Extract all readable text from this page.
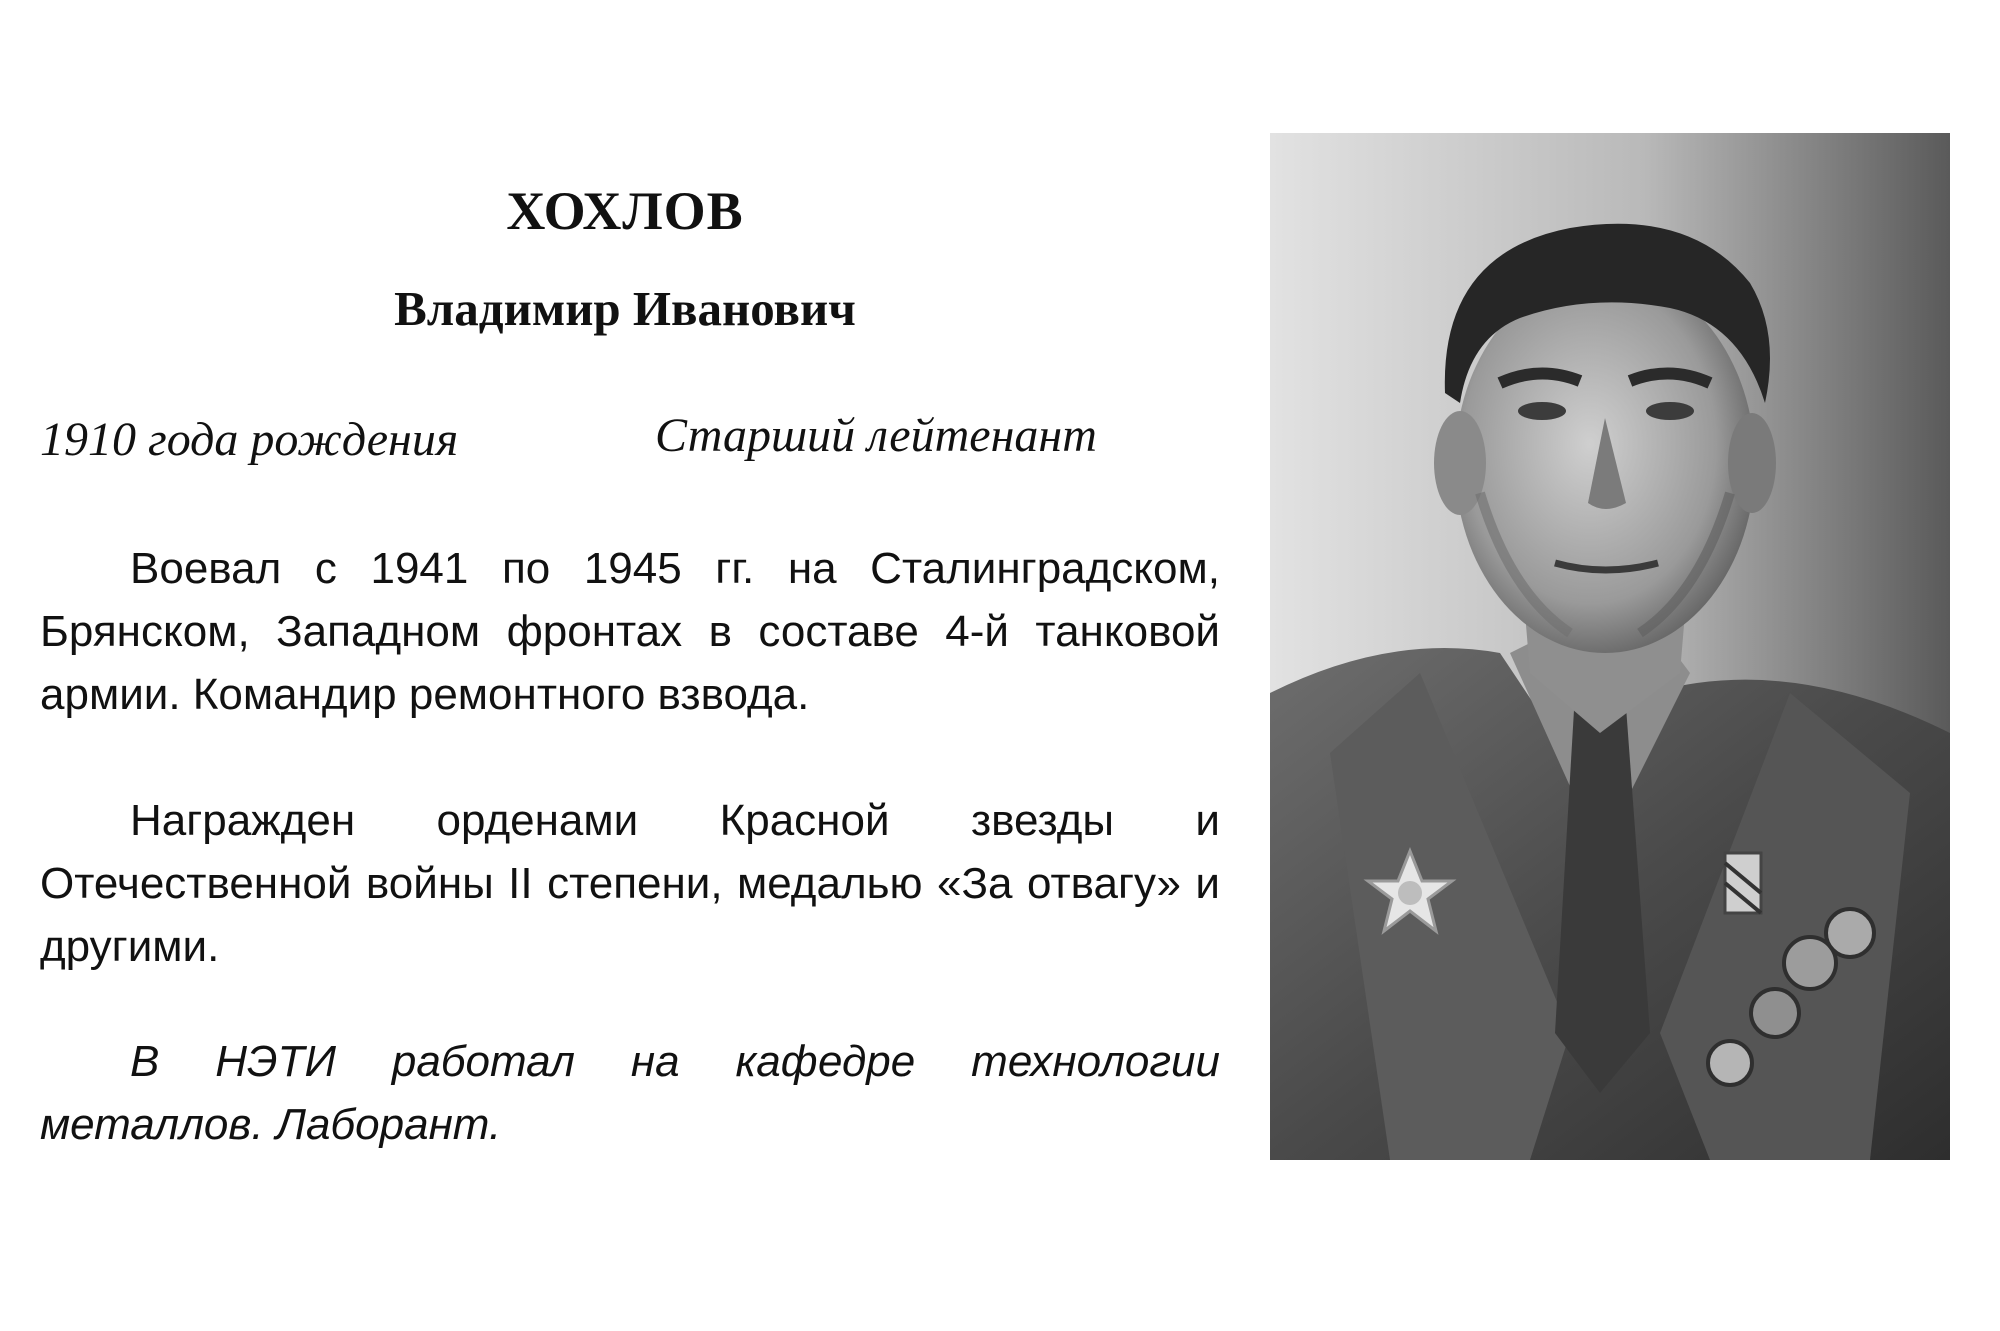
ХОХЛОВ
Владимир Иванович
1910 года рождения	Старший лейтенант

Воевал с 1941 по 1945 гг. на Сталинградском, Брянском, Западном фронтах в составе 4-й танковой армии. Командир ремонтного взвода.

Награжден орденами Красной звезды и Отечественной войны II степени, медалью «За отвагу» и другими.

В НЭТИ работал на кафедре технологии металлов. Лаборант.
